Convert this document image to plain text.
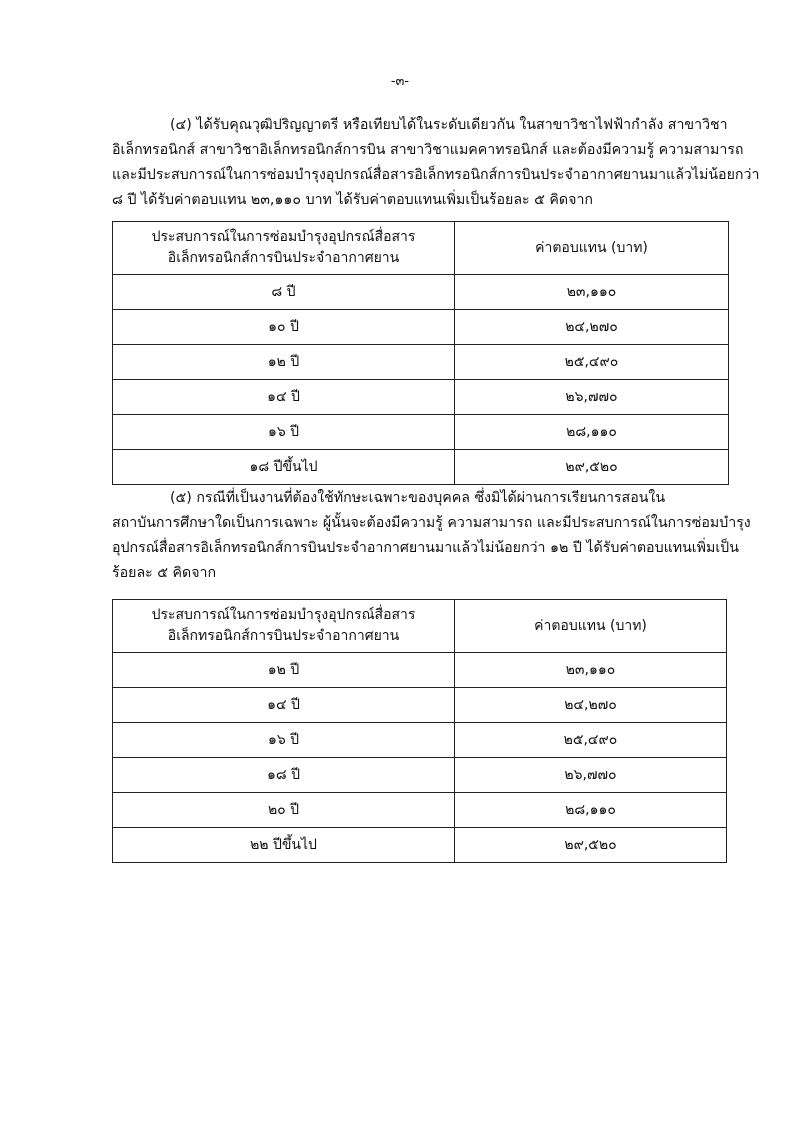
-๓-

(๔) ได้รับคุณวุฒิปริญญาตรี หรือเทียบได้ในระดับเดียวกัน ในสาขาวิชาไฟฟ้ากำลัง สาขาวิชา
อิเล็กทรอนิกส์ สาขาวิชาอิเล็กทรอนิกส์การบิน สาขาวิชาแมคคาทรอนิกส์ และต้องมีความรู้ ความสามารถ
และมีประสบการณ์ในการซ่อมบำรุงอุปกรณ์สื่อสารอิเล็กทรอนิกส์การบินประจำอากาศยานมาแล้วไม่น้อยกว่า
๘ ปี ได้รับค่าตอบแทน ๒๓,๑๑๐ บาท ได้รับค่าตอบแทนเพิ่มเป็นร้อยละ ๕ คิดจาก

ประสบการณ์ในการซ่อมบำรุงอุปกรณ์สื่อสาร
อิเล็กทรอนิกส์การบินประจำอากาศยาน	ค่าตอบแทน (บาท)
๘ ปี	๒๓,๑๑๐
๑๐ ปี	๒๔,๒๗๐
๑๒ ปี	๒๕,๔๙๐
๑๔ ปี	๒๖,๗๗๐
๑๖ ปี	๒๘,๑๑๐
๑๘ ปีขึ้นไป	๒๙,๕๒๐

(๕) กรณีที่เป็นงานที่ต้องใช้ทักษะเฉพาะของบุคคล ซึ่งมิได้ผ่านการเรียนการสอนใน
สถาบันการศึกษาใดเป็นการเฉพาะ ผู้นั้นจะต้องมีความรู้ ความสามารถ และมีประสบการณ์ในการซ่อมบำรุง
อุปกรณ์สื่อสารอิเล็กทรอนิกส์การบินประจำอากาศยานมาแล้วไม่น้อยกว่า ๑๒ ปี ได้รับค่าตอบแทนเพิ่มเป็น
ร้อยละ ๕ คิดจาก

ประสบการณ์ในการซ่อมบำรุงอุปกรณ์สื่อสาร
อิเล็กทรอนิกส์การบินประจำอากาศยาน	ค่าตอบแทน (บาท)
๑๒ ปี	๒๓,๑๑๐
๑๔ ปี	๒๔,๒๗๐
๑๖ ปี	๒๕,๔๙๐
๑๘ ปี	๒๖,๗๗๐
๒๐ ปี	๒๘,๑๑๐
๒๒ ปีขึ้นไป	๒๙,๕๒๐
